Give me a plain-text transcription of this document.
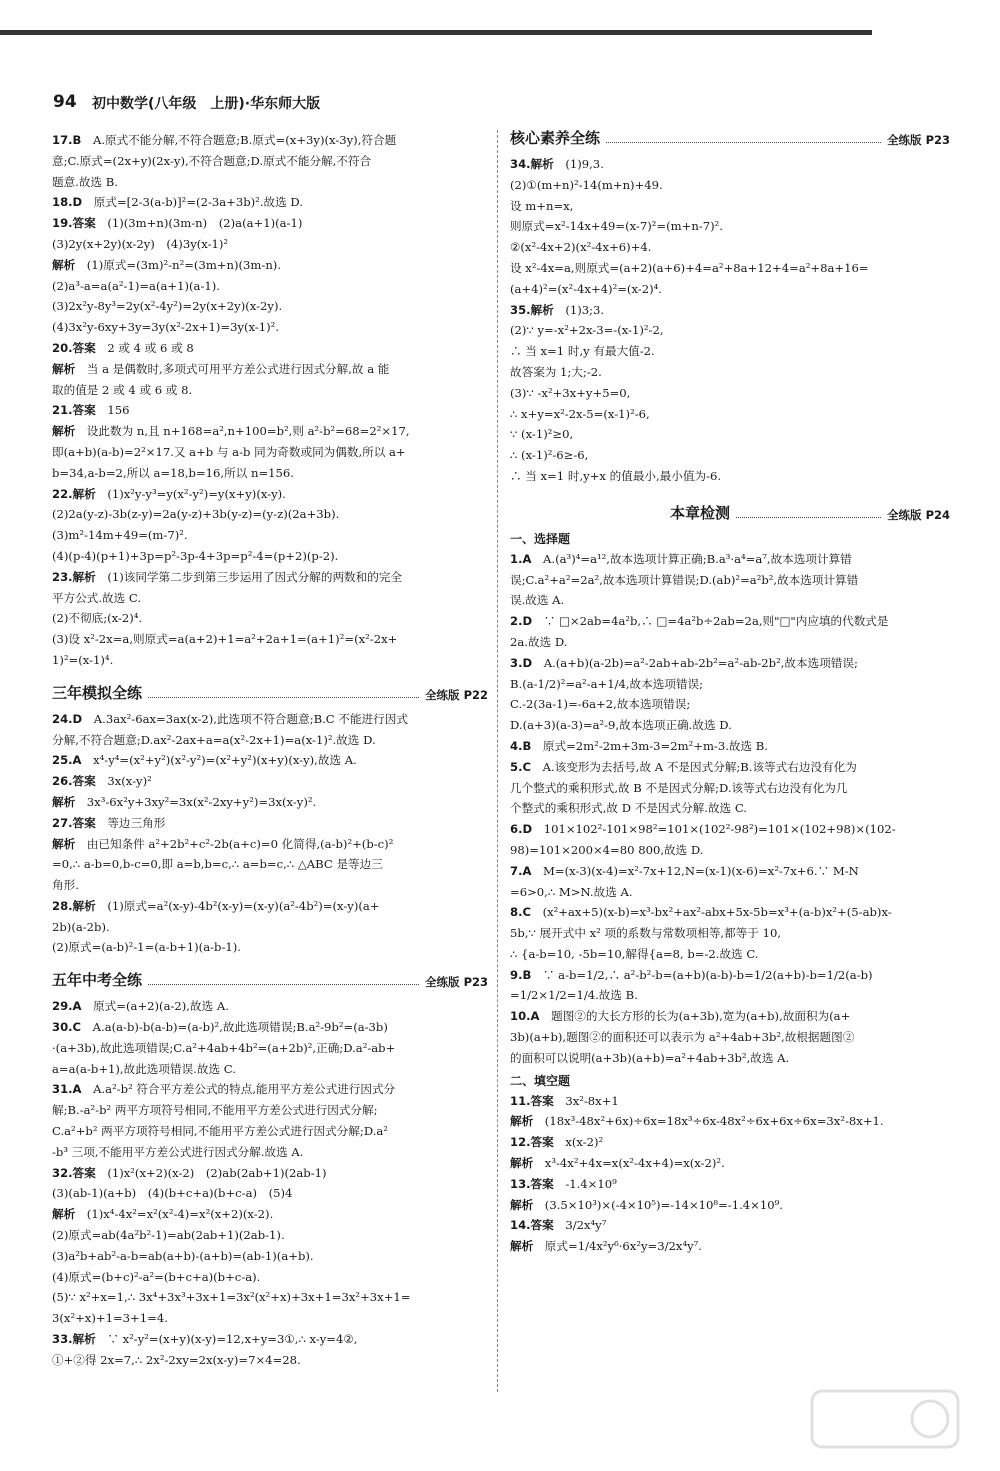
94 初中数学(八年级　上册)·华东师大版
17.B　A.原式不能分解,不符合题意;B.原式=(x+3y)(x-3y),符合题
意;C.原式=(2x+y)(2x-y),不符合题意;D.原式不能分解,不符合
题意.故选 B.
18.D　原式=[2-3(a-b)]²=(2-3a+3b)².故选 D.
19.答案　(1)(3m+n)(3m-n)　(2)a(a+1)(a-1)
(3)2y(x+2y)(x-2y)　(4)3y(x-1)²
解析　(1)原式=(3m)²-n²=(3m+n)(3m-n).
(2)a³-a=a(a²-1)=a(a+1)(a-1).
(3)2x²y-8y³=2y(x²-4y²)=2y(x+2y)(x-2y).
(4)3x²y-6xy+3y=3y(x²-2x+1)=3y(x-1)².
20.答案　2 或 4 或 6 或 8
解析　当 a 是偶数时,多项式可用平方差公式进行因式分解,故 a 能
取的值是 2 或 4 或 6 或 8.
21.答案　156
解析　设此数为 n,且 n+168=a²,n+100=b²,则 a²-b²=68=2²×17,
即(a+b)(a-b)=2²×17.又 a+b 与 a-b 同为奇数或同为偶数,所以 a+
b=34,a-b=2,所以 a=18,b=16,所以 n=156.
22.解析　(1)x²y-y³=y(x²-y²)=y(x+y)(x-y).
(2)2a(y-z)-3b(z-y)=2a(y-z)+3b(y-z)=(y-z)(2a+3b).
(3)m²-14m+49=(m-7)².
(4)(p-4)(p+1)+3p=p²-3p-4+3p=p²-4=(p+2)(p-2).
23.解析　(1)该同学第二步到第三步运用了因式分解的两数和的完全
平方公式.故选 C.
(2)不彻底;(x-2)⁴.
(3)设 x²-2x=a,则原式=a(a+2)+1=a²+2a+1=(a+1)²=(x²-2x+
1)²=(x-1)⁴.
三年模拟全练	全练版 P22
24.D　A.3ax²-6ax=3ax(x-2),此选项不符合题意;B.C 不能进行因式
分解,不符合题意;D.ax²-2ax+a=a(x²-2x+1)=a(x-1)².故选 D.
25.A　x⁴-y⁴=(x²+y²)(x²-y²)=(x²+y²)(x+y)(x-y),故选 A.
26.答案　3x(x-y)²
解析　3x³-6x²y+3xy²=3x(x²-2xy+y²)=3x(x-y)².
27.答案　等边三角形
解析　由已知条件 a²+2b²+c²-2b(a+c)=0 化简得,(a-b)²+(b-c)²
=0,∴ a-b=0,b-c=0,即 a=b,b=c,∴ a=b=c,∴ △ABC 是等边三
角形.
28.解析　(1)原式=a²(x-y)-4b²(x-y)=(x-y)(a²-4b²)=(x-y)(a+
2b)(a-2b).
(2)原式=(a-b)²-1=(a-b+1)(a-b-1).
五年中考全练	全练版 P23
29.A　原式=(a+2)(a-2),故选 A.
30.C　A.a(a-b)-b(a-b)=(a-b)²,故此选项错误;B.a²-9b²=(a-3b)
·(a+3b),故此选项错误;C.a²+4ab+4b²=(a+2b)²,正确;D.a²-ab+
a=a(a-b+1),故此选项错误.故选 C.
31.A　A.a²-b² 符合平方差公式的特点,能用平方差公式进行因式分
解;B.-a²-b² 两平方项符号相同,不能用平方差公式进行因式分解;
C.a²+b² 两平方项符号相同,不能用平方差公式进行因式分解;D.a²
-b³ 三项,不能用平方差公式进行因式分解.故选 A.
32.答案　(1)x²(x+2)(x-2)　(2)ab(2ab+1)(2ab-1)
(3)(ab-1)(a+b)　(4)(b+c+a)(b+c-a)　(5)4
解析　(1)x⁴-4x²=x²(x²-4)=x²(x+2)(x-2).
(2)原式=ab(4a²b²-1)=ab(2ab+1)(2ab-1).
(3)a²b+ab²-a-b=ab(a+b)-(a+b)=(ab-1)(a+b).
(4)原式=(b+c)²-a²=(b+c+a)(b+c-a).
(5)∵ x²+x=1,∴ 3x⁴+3x³+3x+1=3x²(x²+x)+3x+1=3x²+3x+1=
3(x²+x)+1=3+1=4.
33.解析　∵ x²-y²=(x+y)(x-y)=12,x+y=3①,∴ x-y=4②,
①+②得 2x=7,∴ 2x²-2xy=2x(x-y)=7×4=28.
核心素养全练	全练版 P23
34.解析　(1)9,3.
(2)①(m+n)²-14(m+n)+49.
设 m+n=x,
则原式=x²-14x+49=(x-7)²=(m+n-7)².
②(x²-4x+2)(x²-4x+6)+4.
设 x²-4x=a,则原式=(a+2)(a+6)+4=a²+8a+12+4=a²+8a+16=
(a+4)²=(x²-4x+4)²=(x-2)⁴.
35.解析　(1)3;3.
(2)∵ y=-x²+2x-3=-(x-1)²-2,
∴ 当 x=1 时,y 有最大值-2.
故答案为 1;大;-2.
(3)∵ -x²+3x+y+5=0,
∴ x+y=x²-2x-5=(x-1)²-6,
∵ (x-1)²≥0,
∴ (x-1)²-6≥-6,
∴ 当 x=1 时,y+x 的值最小,最小值为-6.
本章检测	全练版 P24
一、选择题
1.A　A.(a³)⁴=a¹²,故本选项计算正确;B.a³·a⁴=a⁷,故本选项计算错
误;C.a²+a²=2a²,故本选项计算错误;D.(ab)²=a²b²,故本选项计算错
误.故选 A.
2.D　∵ □×2ab=4a²b,∴ □=4a²b÷2ab=2a,则"□"内应填的代数式是
2a.故选 D.
3.D　A.(a+b)(a-2b)=a²-2ab+ab-2b²=a²-ab-2b²,故本选项错误;
B.(a-1/2)²=a²-a+1/4,故本选项错误;
C.-2(3a-1)=-6a+2,故本选项错误;
D.(a+3)(a-3)=a²-9,故本选项正确.故选 D.
4.B　原式=2m²-2m+3m-3=2m²+m-3.故选 B.
5.C　A.该变形为去括号,故 A 不是因式分解;B.该等式右边没有化为
几个整式的乘积形式,故 B 不是因式分解;D.该等式右边没有化为几
个整式的乘积形式,故 D 不是因式分解.故选 C.
6.D　101×102²-101×98²=101×(102²-98²)=101×(102+98)×(102-
98)=101×200×4=80 800,故选 D.
7.A　M=(x-3)(x-4)=x²-7x+12,N=(x-1)(x-6)=x²-7x+6.∵ M-N
=6>0,∴ M>N.故选 A.
8.C　(x²+ax+5)(x-b)=x³-bx²+ax²-abx+5x-5b=x³+(a-b)x²+(5-ab)x-
5b,∵ 展开式中 x² 项的系数与常数项相等,都等于 10,
∴ {a-b=10, -5b=10,解得{a=8, b=-2.故选 C.
9.B　∵ a-b=1/2,∴ a²-b²-b=(a+b)(a-b)-b=1/2(a+b)-b=1/2(a-b)
=1/2×1/2=1/4.故选 B.
10.A　题图②的大长方形的长为(a+3b),宽为(a+b),故面积为(a+
3b)(a+b),题图②的面积还可以表示为 a²+4ab+3b²,故根据题图②
的面积可以说明(a+3b)(a+b)=a²+4ab+3b²,故选 A.
二、填空题
11.答案　3x²-8x+1
解析　(18x³-48x²+6x)÷6x=18x³÷6x-48x²÷6x+6x÷6x=3x²-8x+1.
12.答案　x(x-2)²
解析　x³-4x²+4x=x(x²-4x+4)=x(x-2)².
13.答案　-1.4×10⁹
解析　(3.5×10³)×(-4×10⁵)=-14×10⁸=-1.4×10⁹.
14.答案　3/2x⁴y⁷
解析　原式=1/4x²y⁶·6x²y=3/2x⁴y⁷.
